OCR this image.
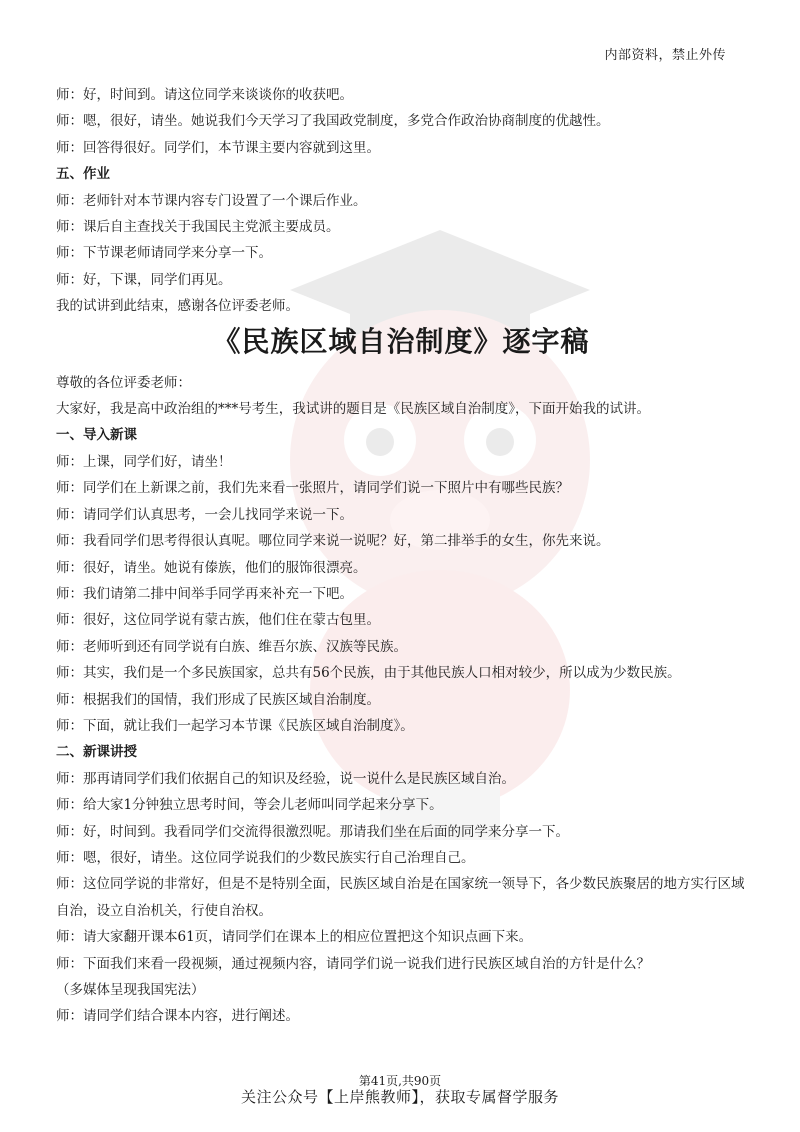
内部资料，禁止外传
师：好，时间到。请这位同学来谈谈你的收获吧。
师：嗯，很好，请坐。她说我们今天学习了我国政党制度，多党合作政治协商制度的优越性。
师：回答得很好。同学们，本节课主要内容就到这里。
五、作业
师：老师针对本节课内容专门设置了一个课后作业。
师：课后自主查找关于我国民主党派主要成员。
师：下节课老师请同学来分享一下。
师：好，下课，同学们再见。
我的试讲到此结束，感谢各位评委老师。
《民族区域自治制度》逐字稿
尊敬的各位评委老师：
大家好，我是高中政治组的***号考生，我试讲的题目是《民族区域自治制度》，下面开始我的试讲。
一、导入新课
师：上课，同学们好，请坐！
师：同学们在上新课之前，我们先来看一张照片，请同学们说一下照片中有哪些民族？
师：请同学们认真思考，一会儿找同学来说一下。
师：我看同学们思考得很认真呢。哪位同学来说一说呢？好，第二排举手的女生，你先来说。
师：很好，请坐。她说有傣族，他们的服饰很漂亮。
师：我们请第二排中间举手同学再来补充一下吧。
师：很好，这位同学说有蒙古族，他们住在蒙古包里。
师：老师听到还有同学说有白族、维吾尔族、汉族等民族。
师：其实，我们是一个多民族国家，总共有56个民族，由于其他民族人口相对较少，所以成为少数民族。
师：根据我们的国情，我们形成了民族区域自治制度。
师：下面，就让我们一起学习本节课《民族区域自治制度》。
二、新课讲授
师：那再请同学们我们依据自己的知识及经验，说一说什么是民族区域自治。
师：给大家1分钟独立思考时间，等会儿老师叫同学起来分享下。
师：好，时间到。我看同学们交流得很激烈呢。那请我们坐在后面的同学来分享一下。
师：嗯，很好，请坐。这位同学说我们的少数民族实行自己治理自己。
师：这位同学说的非常好，但是不是特别全面，民族区域自治是在国家统一领导下，各少数民族聚居的地方实行区域自治，设立自治机关，行使自治权。
师：请大家翻开课本61页，请同学们在课本上的相应位置把这个知识点画下来。
师：下面我们来看一段视频，通过视频内容，请同学们说一说我们进行民族区域自治的方针是什么？
（多媒体呈现我国宪法）
师：请同学们结合课本内容，进行阐述。
第41页,共90页
关注公众号【上岸熊教师】，获取专属督学服务
